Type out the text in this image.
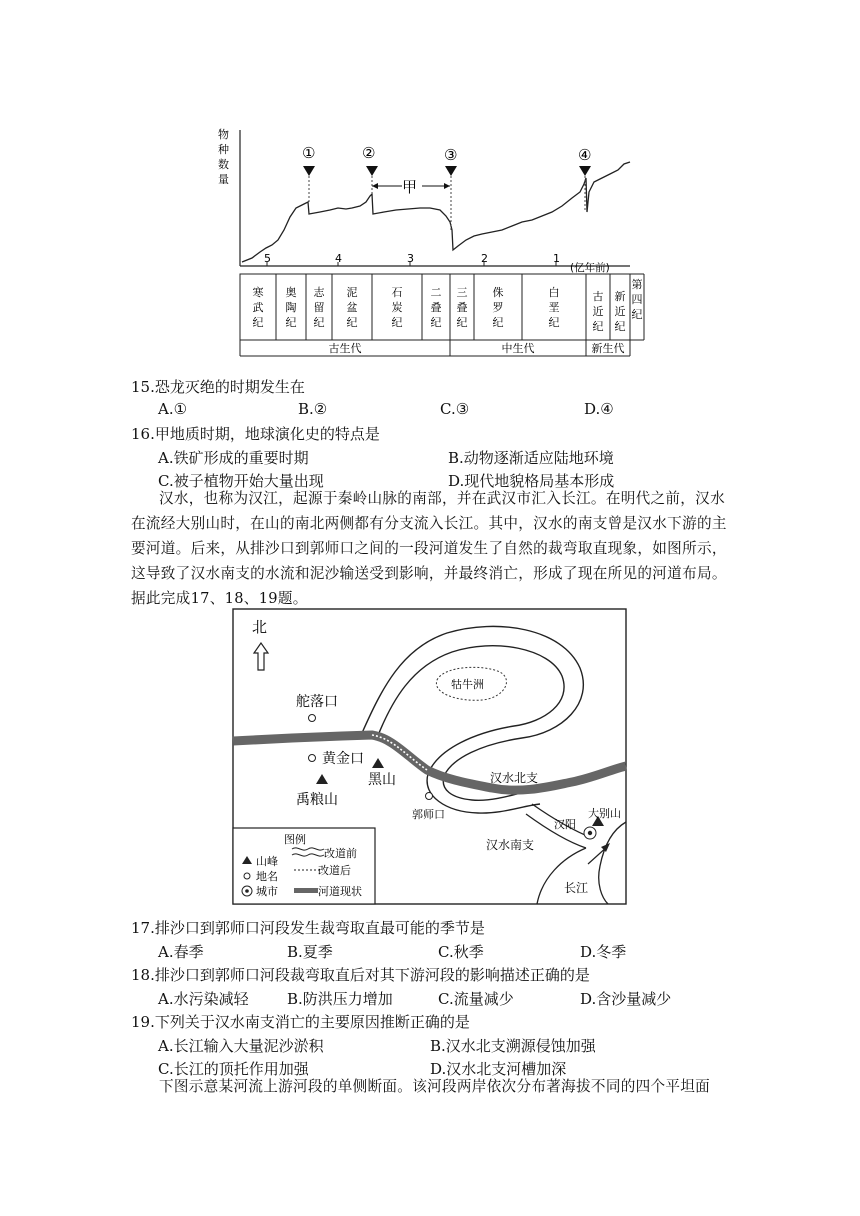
物
种
数
量
①	②	③	④
甲
5	4	3	2	1
(亿年前)
寒
武
纪
奥
陶
纪
志
留
纪
泥
盆
纪
石
炭
纪
二
叠
纪
三
叠
纪
侏
罗
纪
白
垩
纪
古
近
纪
新
近
纪
第
四
纪
古生代	中生代	新生代
15.恐龙灭绝的时期发生在
A.①	B.②	C.③	D.④
16.甲地质时期，地球演化史的特点是
A.铁矿形成的重要时期	B.动物逐渐适应陆地环境
C.被子植物开始大量出现	D.现代地貌格局基本形成
汉水，也称为汉江，起源于秦岭山脉的南部，并在武汉市汇入长江。在明代之前，汉水
在流经大别山时，在山的南北两侧都有分支流入长江。其中，汉水的南支曾是汉水下游的主
要河道。后来，从排沙口到郭师口之间的一段河道发生了自然的裁弯取直现象，如图所示，
这导致了汉水南支的水流和泥沙输送受到影响，并最终消亡，形成了现在所见的河道布局。
据此完成17、18、19题。
北
舵落口
黄金口
黑山
禹粮山
牯牛洲
郭师口
汉水北支
大别山
汉阳
汉水南支
长江
图例
山峰
地名
城市
改道前
改道后
河道现状
17.排沙口到郭师口河段发生裁弯取直最可能的季节是
A.春季	B.夏季	C.秋季	D.冬季
18.排沙口到郭师口河段裁弯取直后对其下游河段的影响描述正确的是
A.水污染减轻	B.防洪压力增加	C.流量减少	D.含沙量减少
19.下列关于汉水南支消亡的主要原因推断正确的是
A.长江输入大量泥沙淤积	B.汉水北支溯源侵蚀加强
C.长江的顶托作用加强	D.汉水北支河槽加深
下图示意某河流上游河段的单侧断面。该河段两岸依次分布著海拔不同的四个平坦面
